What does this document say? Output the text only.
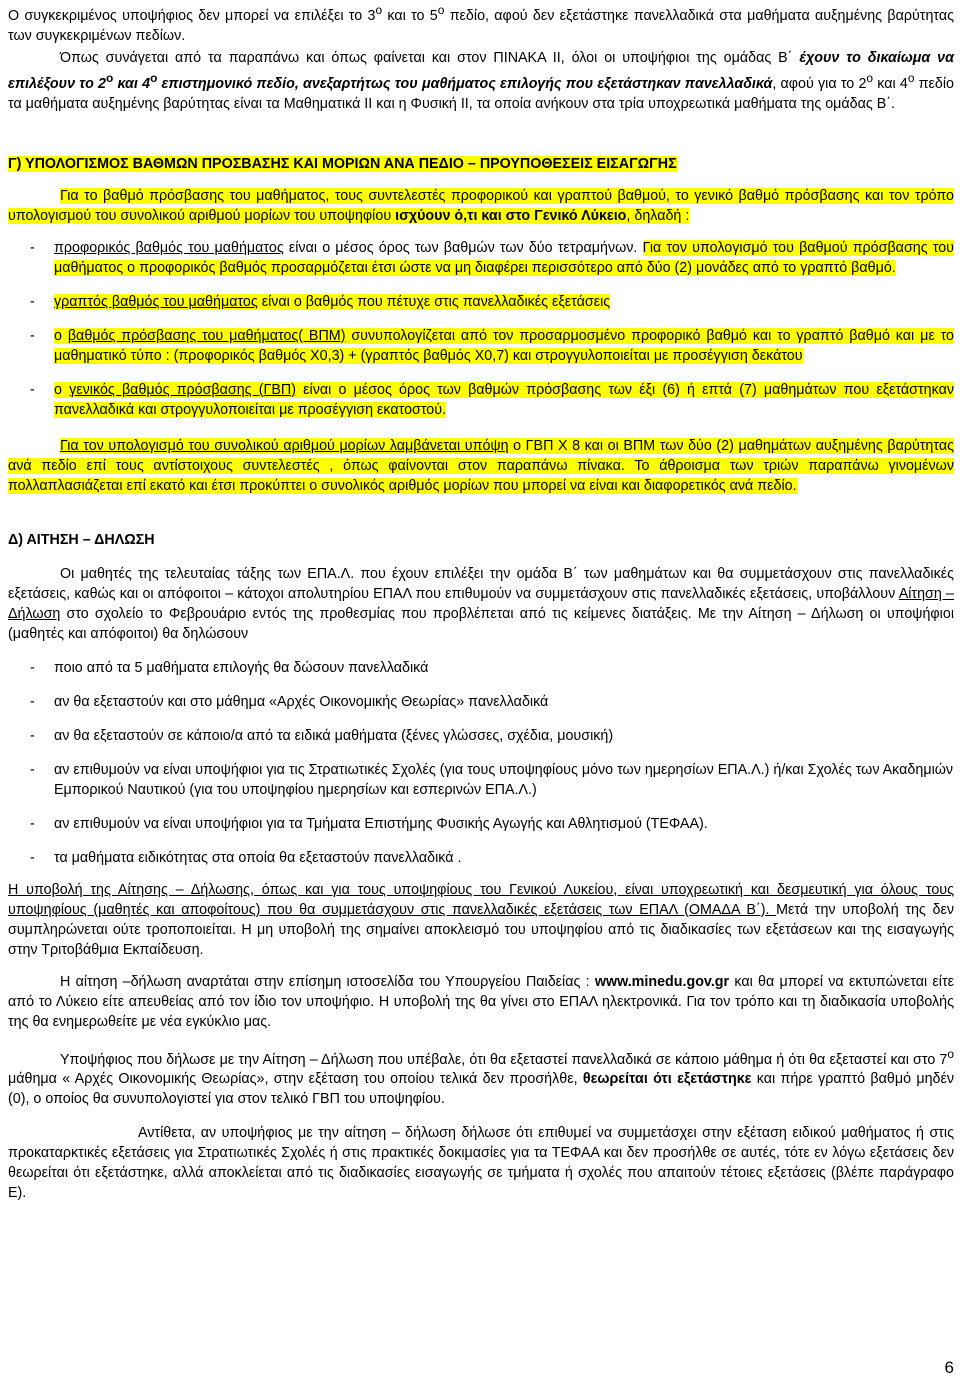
Ο συγκεκριμένος υποψήφιος δεν μπορεί να επιλέξει το $3^o$ και το $5^o$ πεδίο, αφού δεν εξετάστηκε πανελλαδικά στα μαθήματα αυξημένης βαρύτητας των συγκεκριμένων πεδίων.

Όπως συνάγεται από τα παραπάνω και όπως φαίνεται και στον ΠΙΝΑΚΑ ΙΙ, όλοι οι υποψήφιοι της ομάδας Β΄ έχουν το δικαίωμα να επιλέξουν το $2^o$ και $4^o$ επιστημονικό πεδίο, ανεξαρτήτως του μαθήματος επιλογής που εξετάστηκαν πανελλαδικά, αφού για το $2^o$ και $4^o$ πεδίο τα μαθήματα αυξημένης βαρύτητας είναι τα Μαθηματικά ΙΙ και η Φυσική ΙΙ, τα οποία ανήκουν στα τρία υποχρεωτικά μαθήματα της ομάδας Β΄.

Γ) ΥΠΟΛΟΓΙΣΜΟΣ ΒΑΘΜΩΝ ΠΡΟΣΒΑΣΗΣ ΚΑΙ ΜΟΡΙΩΝ ΑΝΑ ΠΕΔΙΟ – ΠΡΟΥΠΟΘΕΣΕΙΣ ΕΙΣΑΓΩΓΗΣ

Για το βαθμό πρόσβασης του μαθήματος, τους συντελεστές προφορικού και γραπτού βαθμού, το γενικό βαθμό πρόσβασης και τον τρόπο υπολογισμού του συνολικού αριθμού μορίων του υποψηφίου ισχύουν ό,τι και στο Γενικό Λύκειο, δηλαδή :

-	προφορικός βαθμός του μαθήματος είναι ο μέσος όρος των βαθμών των δύο τετραμήνων. Για τον υπολογισμό του βαθμού πρόσβασης του μαθήματος ο προφορικός βαθμός προσαρμόζεται έτσι ώστε να μη διαφέρει περισσότερο από δύο (2) μονάδες από το γραπτό βαθμό.

-	γραπτός βαθμός του μαθήματος είναι ο βαθμός που πέτυχε στις πανελλαδικές εξετάσεις

-	ο βαθμός πρόσβασης του μαθήματος( ΒΠΜ) συνυπολογίζεται από τον προσαρμοσμένο προφορικό βαθμό και το γραπτό βαθμό και με το μαθηματικό τύπο : (προφορικός βαθμός Χ0,3) + (γραπτός βαθμός Χ0,7) και στρογγυλοποιείται με προσέγγιση δεκάτου

-	ο γενικός βαθμός πρόσβασης (ΓΒΠ) είναι ο μέσος όρος των βαθμών πρόσβασης των έξι (6) ή επτά (7) μαθημάτων που εξετάστηκαν πανελλαδικά και στρογγυλοποιείται με προσέγγιση εκατοστού.

Για τον υπολογισμό του συνολικού αριθμού μορίων λαμβάνεται υπόψη ο ΓΒΠ Χ 8 και οι ΒΠΜ των δύο (2) μαθημάτων αυξημένης βαρύτητας ανά πεδίο επί τους αντίστοιχους συντελεστές , όπως φαίνονται στον παραπάνω πίνακα. Το άθροισμα των τριών παραπάνω γινομένων πολλαπλασιάζεται επί εκατό και έτσι προκύπτει ο συνολικός αριθμός μορίων που μπορεί να είναι και διαφορετικός ανά πεδίο.

Δ) ΑΙΤΗΣΗ – ΔΗΛΩΣΗ

Οι μαθητές της τελευταίας τάξης των ΕΠΑ.Λ. που έχουν επιλέξει την ομάδα Β΄ των μαθημάτων και θα συμμετάσχουν στις πανελλαδικές εξετάσεις, καθώς και οι απόφοιτοι – κάτοχοι απολυτηρίου ΕΠΑΛ που επιθυμούν να συμμετάσχουν στις πανελλαδικές εξετάσεις, υποβάλλουν Αίτηση – Δήλωση στο σχολείο το Φεβρουάριο εντός της προθεσμίας που προβλέπεται από τις κείμενες διατάξεις. Με την Αίτηση – Δήλωση οι υποψήφιοι (μαθητές και απόφοιτοι) θα δηλώσουν

-	ποιο από τα 5 μαθήματα επιλογής θα δώσουν πανελλαδικά

-	αν θα εξεταστούν και στο μάθημα «Αρχές Οικονομικής Θεωρίας» πανελλαδικά

-	αν θα εξεταστούν σε κάποιο/α από τα ειδικά μαθήματα (ξένες γλώσσες, σχέδια, μουσική)

-	αν επιθυμούν να είναι υποψήφιοι για τις Στρατιωτικές Σχολές (για τους υποψηφίους μόνο των ημερησίων ΕΠΑ.Λ.) ή/και Σχολές των Ακαδημιών Εμπορικού Ναυτικού (για του υποψηφίου ημερησίων και εσπερινών ΕΠΑ.Λ.)

-	αν επιθυμούν να είναι υποψήφιοι για τα Τμήματα Επιστήμης Φυσικής Αγωγής και Αθλητισμού (ΤΕΦΑΑ).

-	τα μαθήματα ειδικότητας στα οποία θα εξεταστούν πανελλαδικά .

Η υποβολή της Αίτησης – Δήλωσης, όπως και για τους υποψηφίους του Γενικού Λυκείου, είναι υποχρεωτική και δεσμευτική για όλους τους υποψηφίους (μαθητές και αποφοίτους) που θα συμμετάσχουν στις πανελλαδικές εξετάσεις των ΕΠΑΛ (ΟΜΑΔΑ Β΄). Μετά την υποβολή της δεν συμπληρώνεται ούτε τροποποιείται. Η μη υποβολή της σημαίνει αποκλεισμό του υποψηφίου από τις διαδικασίες των εξετάσεων και της εισαγωγής στην Τριτοβάθμια Εκπαίδευση.

Η αίτηση –δήλωση αναρτάται στην επίσημη ιστοσελίδα του Υπουργείου Παιδείας : www.minedu.gov.gr και θα μπορεί να εκτυπώνεται είτε από το Λύκειο είτε απευθείας από τον ίδιο τον υποψήφιο. Η υποβολή της θα γίνει στο ΕΠΑΛ ηλεκτρονικά. Για τον τρόπο και τη διαδικασία υποβολής της θα ενημερωθείτε με νέα εγκύκλιο μας.

Υποψήφιος που δήλωσε με την Αίτηση – Δήλωση που υπέβαλε, ότι θα εξεταστεί πανελλαδικά σε κάποιο μάθημα ή ότι θα εξεταστεί και στο $7^o$ μάθημα « Αρχές Οικονομικής Θεωρίας», στην εξέταση του οποίου τελικά δεν προσήλθε, θεωρείται ότι εξετάστηκε και πήρε γραπτό βαθμό μηδέν (0), ο οποίος θα συνυπολογιστεί για στον τελικό ΓΒΠ του υποψηφίου.

Αντίθετα, αν υποψήφιος με την αίτηση – δήλωση δήλωσε ότι επιθυμεί να συμμετάσχει στην εξέταση ειδικού μαθήματος ή στις προκαταρκτικές εξετάσεις για Στρατιωτικές Σχολές ή στις πρακτικές δοκιμασίες για τα ΤΕΦΑΑ και δεν προσήλθε σε αυτές, τότε εν λόγω εξετάσεις δεν θεωρείται ότι εξετάστηκε, αλλά αποκλείεται από τις διαδικασίες εισαγωγής σε τμήματα ή σχολές που απαιτούν τέτοιες εξετάσεις (βλέπε παράγραφο Ε).

6
